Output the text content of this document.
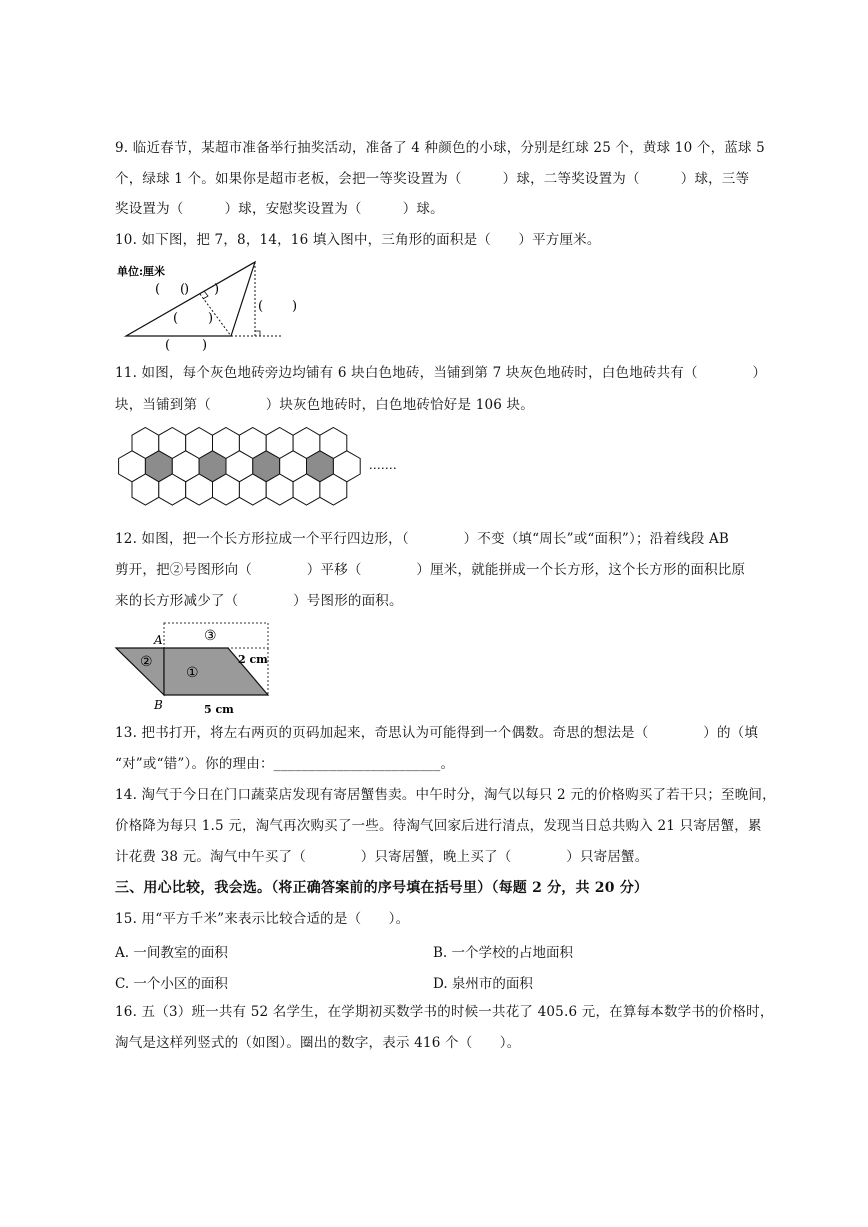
9. 临近春节，某超市准备举行抽奖活动，准备了 4 种颜色的小球，分别是红球 25 个，黄球 10 个，蓝球 5
个，绿球 1 个。如果你是超市老板，会把一等奖设置为（　　　）球，二等奖设置为（　　　）球，三等
奖设置为（　　　）球，安慰奖设置为（　　　）球。
10. 如下图，把 7，8，14，16 填入图中，三角形的面积是（　　）平方厘米。
单位:厘米
( )
( )
( )
( )
( )
11. 如图，每个灰色地砖旁边均铺有 6 块白色地砖，当铺到第 7 块灰色地砖时，白色地砖共有（　　　　）
块，当铺到第（　　　　）块灰色地砖时，白色地砖恰好是 106 块。
12. 如图，把一个长方形拉成一个平行四边形，（　　　　）不变（填“周长”或“面积”）；沿着线段 AB
剪开，把②号图形向（　　　　）平移（　　　　）厘米，就能拼成一个长方形，这个长方形的面积比原
来的长方形减少了（　　　　）号图形的面积。
③
A
B
②
①
2 cm
5 cm
13. 把书打开，将左右两页的页码加起来，奇思认为可能得到一个偶数。奇思的想法是（　　　　）的（填
“对”或“错”）。你的理由：________________________。
14. 淘气于今日在门口蔬菜店发现有寄居蟹售卖。中午时分，淘气以每只 2 元的价格购买了若干只；至晚间，
价格降为每只 1.5 元，淘气再次购买了一些。待淘气回家后进行清点，发现当日总共购入 21 只寄居蟹，累
计花费 38 元。淘气中午买了（　　　　）只寄居蟹，晚上买了（　　　　）只寄居蟹。
三、用心比较，我会选。（将正确答案前的序号填在括号里）（每题 2 分，共 20 分）
15. 用“平方千米”来表示比较合适的是（　　）。
A. 一间教室的面积	B. 一个学校的占地面积
C. 一个小区的面积	D. 泉州市的面积
16. 五（3）班一共有 52 名学生，在学期初买数学书的时候一共花了 405.6 元，在算每本数学书的价格时，
淘气是这样列竖式的（如图）。圈出的数字，表示 416 个（　　）。
